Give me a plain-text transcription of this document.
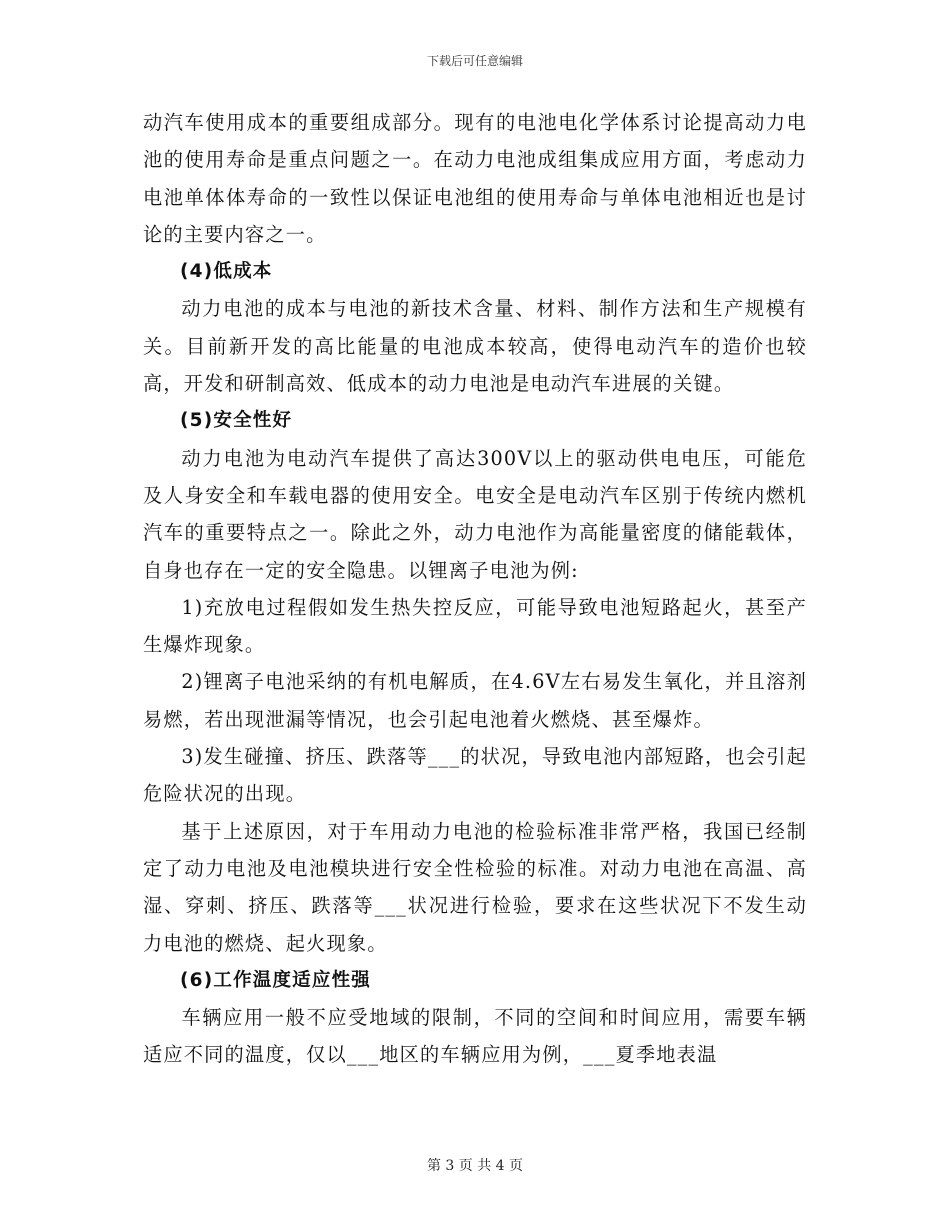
下载后可任意编辑

动汽车使用成本的重要组成部分。现有的电池电化学体系讨论提高动力电池的使用寿命是重点问题之一。在动力电池成组集成应用方面，考虑动力电池单体体寿命的一致性以保证电池组的使用寿命与单体电池相近也是讨论的主要内容之一。

(4)低成本

动力电池的成本与电池的新技术含量、材料、制作方法和生产规模有关。目前新开发的高比能量的电池成本较高，使得电动汽车的造价也较高，开发和研制高效、低成本的动力电池是电动汽车进展的关键。

(5)安全性好

动力电池为电动汽车提供了高达300V以上的驱动供电电压，可能危及人身安全和车载电器的使用安全。电安全是电动汽车区别于传统内燃机汽车的重要特点之一。除此之外，动力电池作为高能量密度的储能载体，自身也存在一定的安全隐患。以锂离子电池为例:

1)充放电过程假如发生热失控反应，可能导致电池短路起火，甚至产生爆炸现象。

2)锂离子电池采纳的有机电解质，在4.6V左右易发生氧化，并且溶剂易燃，若出现泄漏等情况，也会引起电池着火燃烧、甚至爆炸。

3)发生碰撞、挤压、跌落等___的状况，导致电池内部短路，也会引起危险状况的出现。

基于上述原因，对于车用动力电池的检验标准非常严格，我国已经制定了动力电池及电池模块进行安全性检验的标准。对动力电池在高温、高湿、穿刺、挤压、跌落等___状况进行检验，要求在这些状况下不发生动力电池的燃烧、起火现象。

(6)工作温度适应性强

车辆应用一般不应受地域的限制，不同的空间和时间应用，需要车辆适应不同的温度，仅以___地区的车辆应用为例，___夏季地表温

第 3 页 共 4 页
